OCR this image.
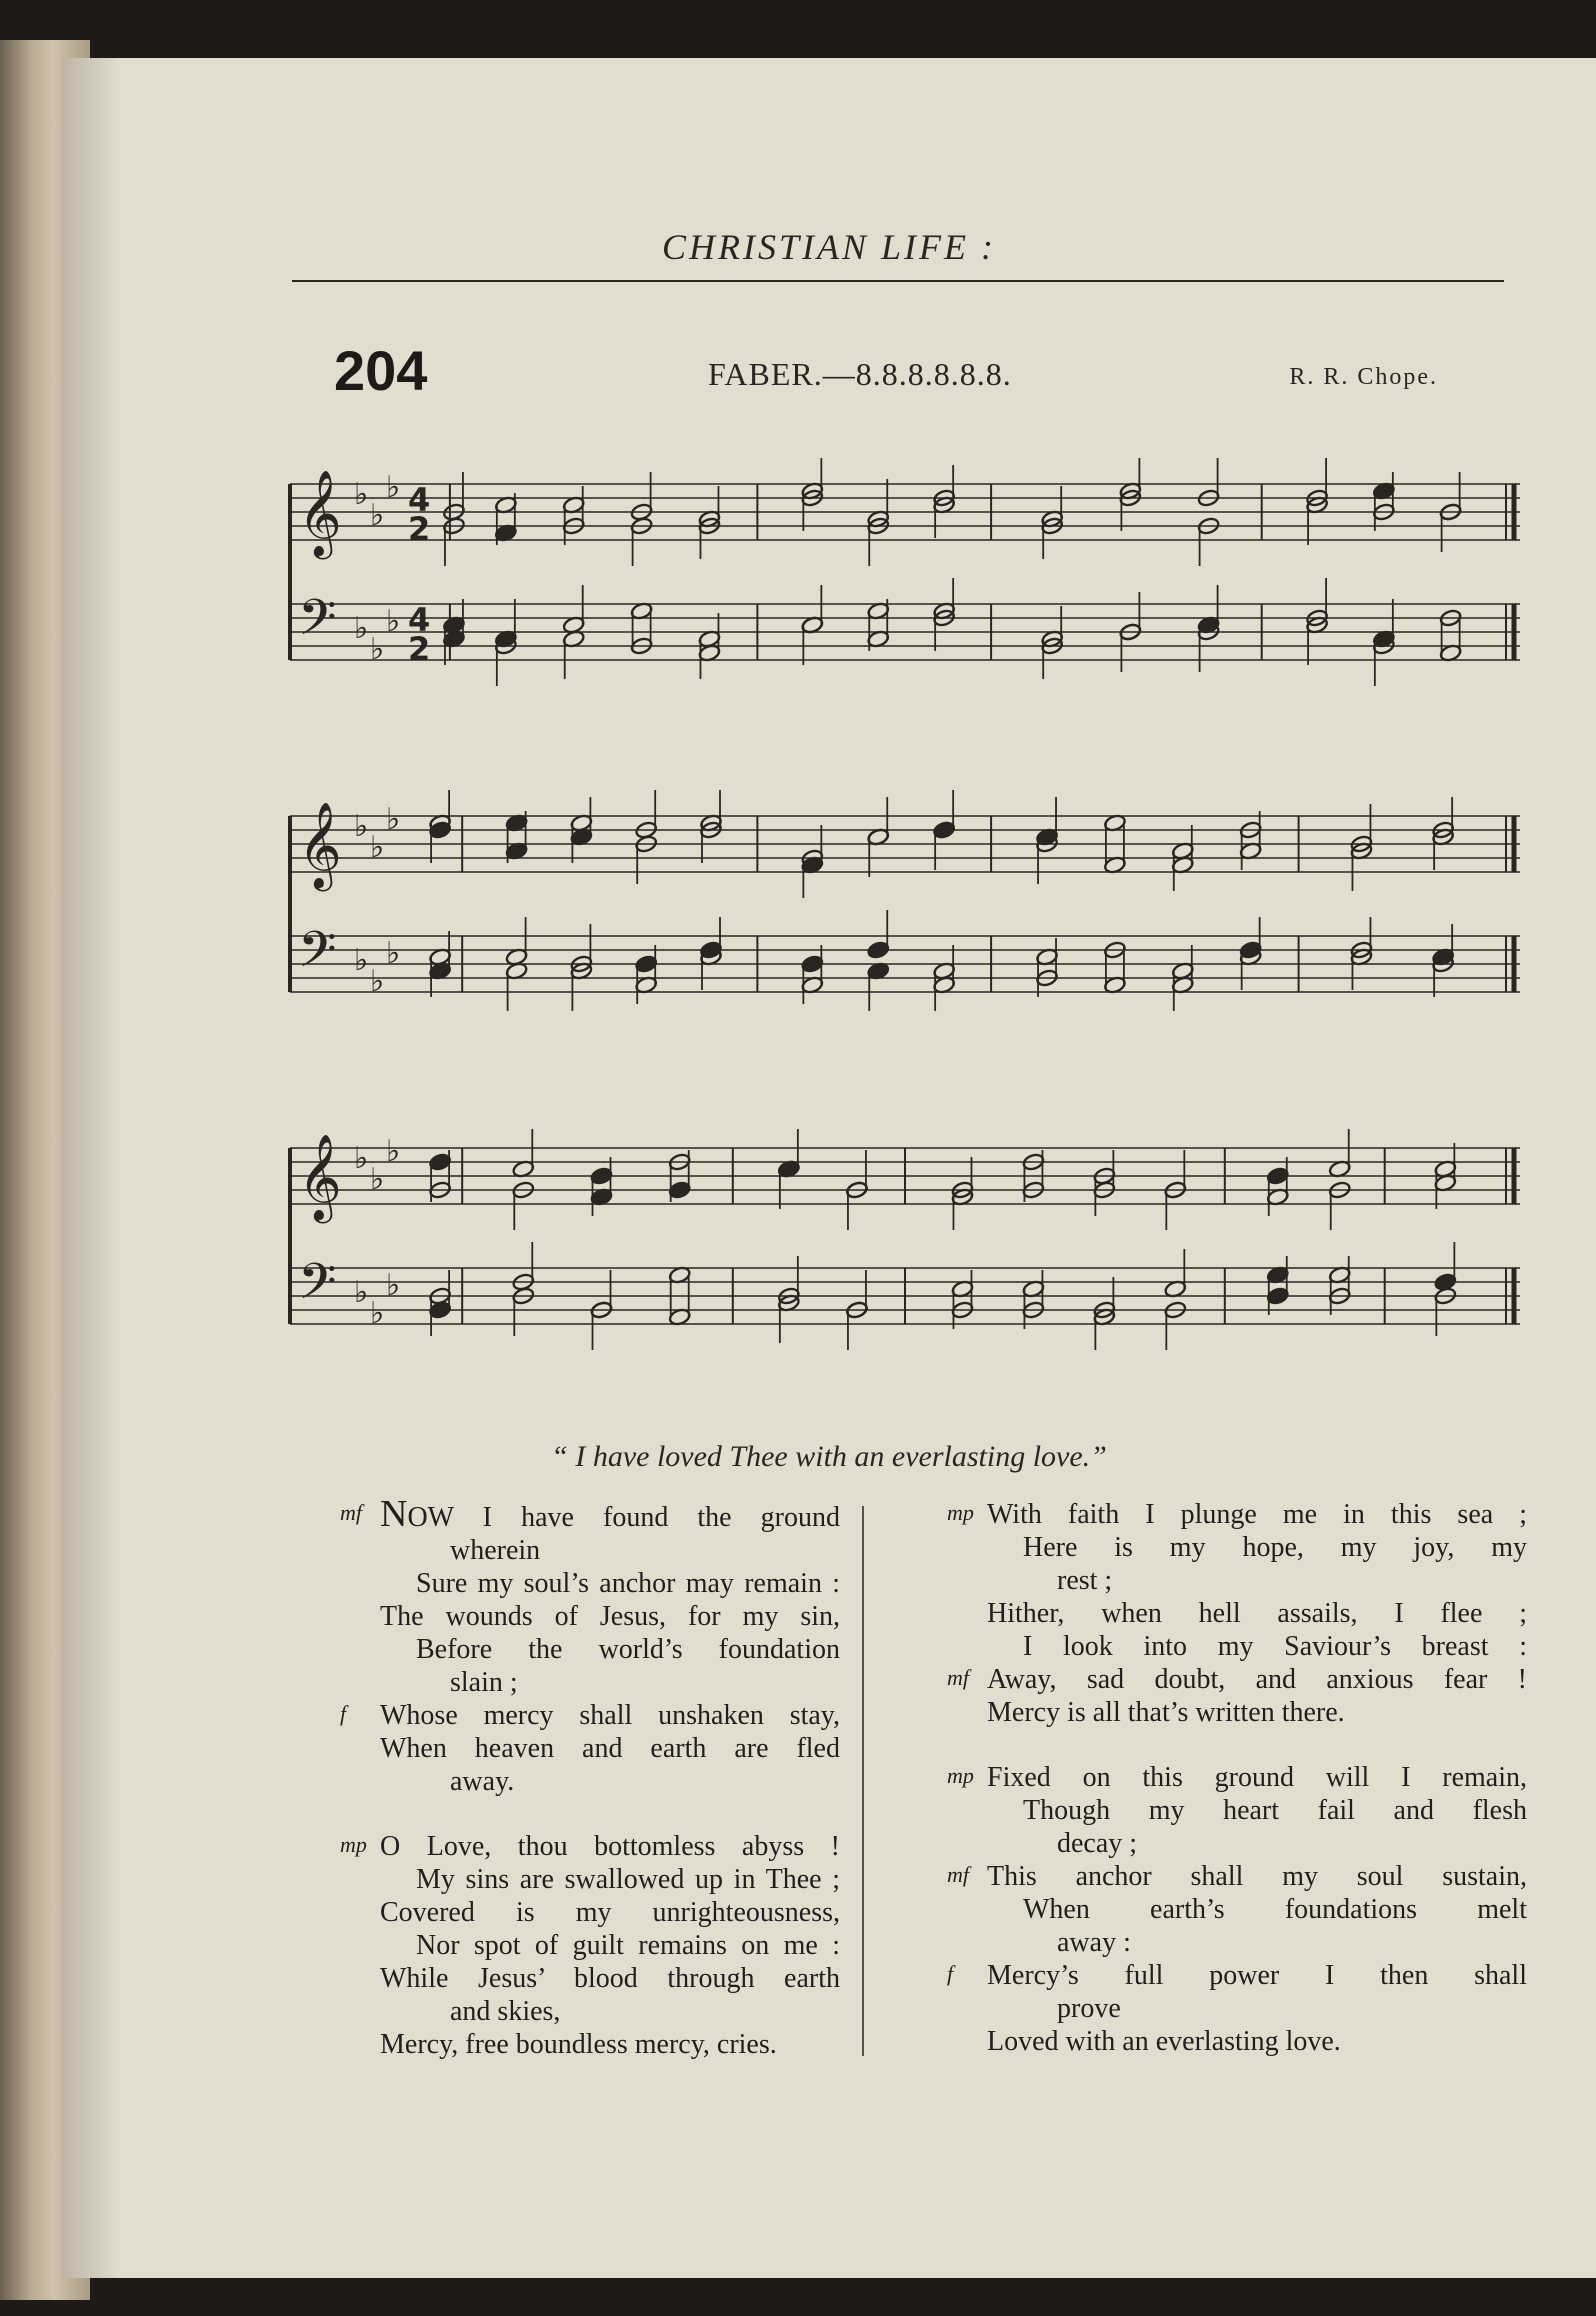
CHRISTIAN LIFE :
204	FABER.—8.8.8.8.8.8.	R. R. Chope.
𝄞
𝄢
♭
♭
♭
♭
♭
♭
4
2
4
2
𝄞
𝄢
♭
♭
♭
♭
♭
♭
𝄞
𝄢
♭
♭
♭
♭
♭
♭
“ I have loved Thee with an everlasting love.”
mf NOW I have found the ground
wherein
Sure my soul’s anchor may remain :
The wounds of Jesus, for my sin,
Before the world’s foundation
slain ;
f Whose mercy shall unshaken stay,
When heaven and earth are fled
away.
mp O Love, thou bottomless abyss !
My sins are swallowed up in Thee ;
Covered is my unrighteousness,
Nor spot of guilt remains on me :
While Jesus’ blood through earth
and skies,
Mercy, free boundless mercy, cries.
mp With faith I plunge me in this sea ;
Here is my hope, my joy, my
rest ;
Hither, when hell assails, I flee ;
I look into my Saviour’s breast :
mf Away, sad doubt, and anxious fear !
Mercy is all that’s written there.
mp Fixed on this ground will I remain,
Though my heart fail and flesh
decay ;
mf This anchor shall my soul sustain,
When earth’s foundations melt
away :
f Mercy’s full power I then shall
prove
Loved with an everlasting love.
